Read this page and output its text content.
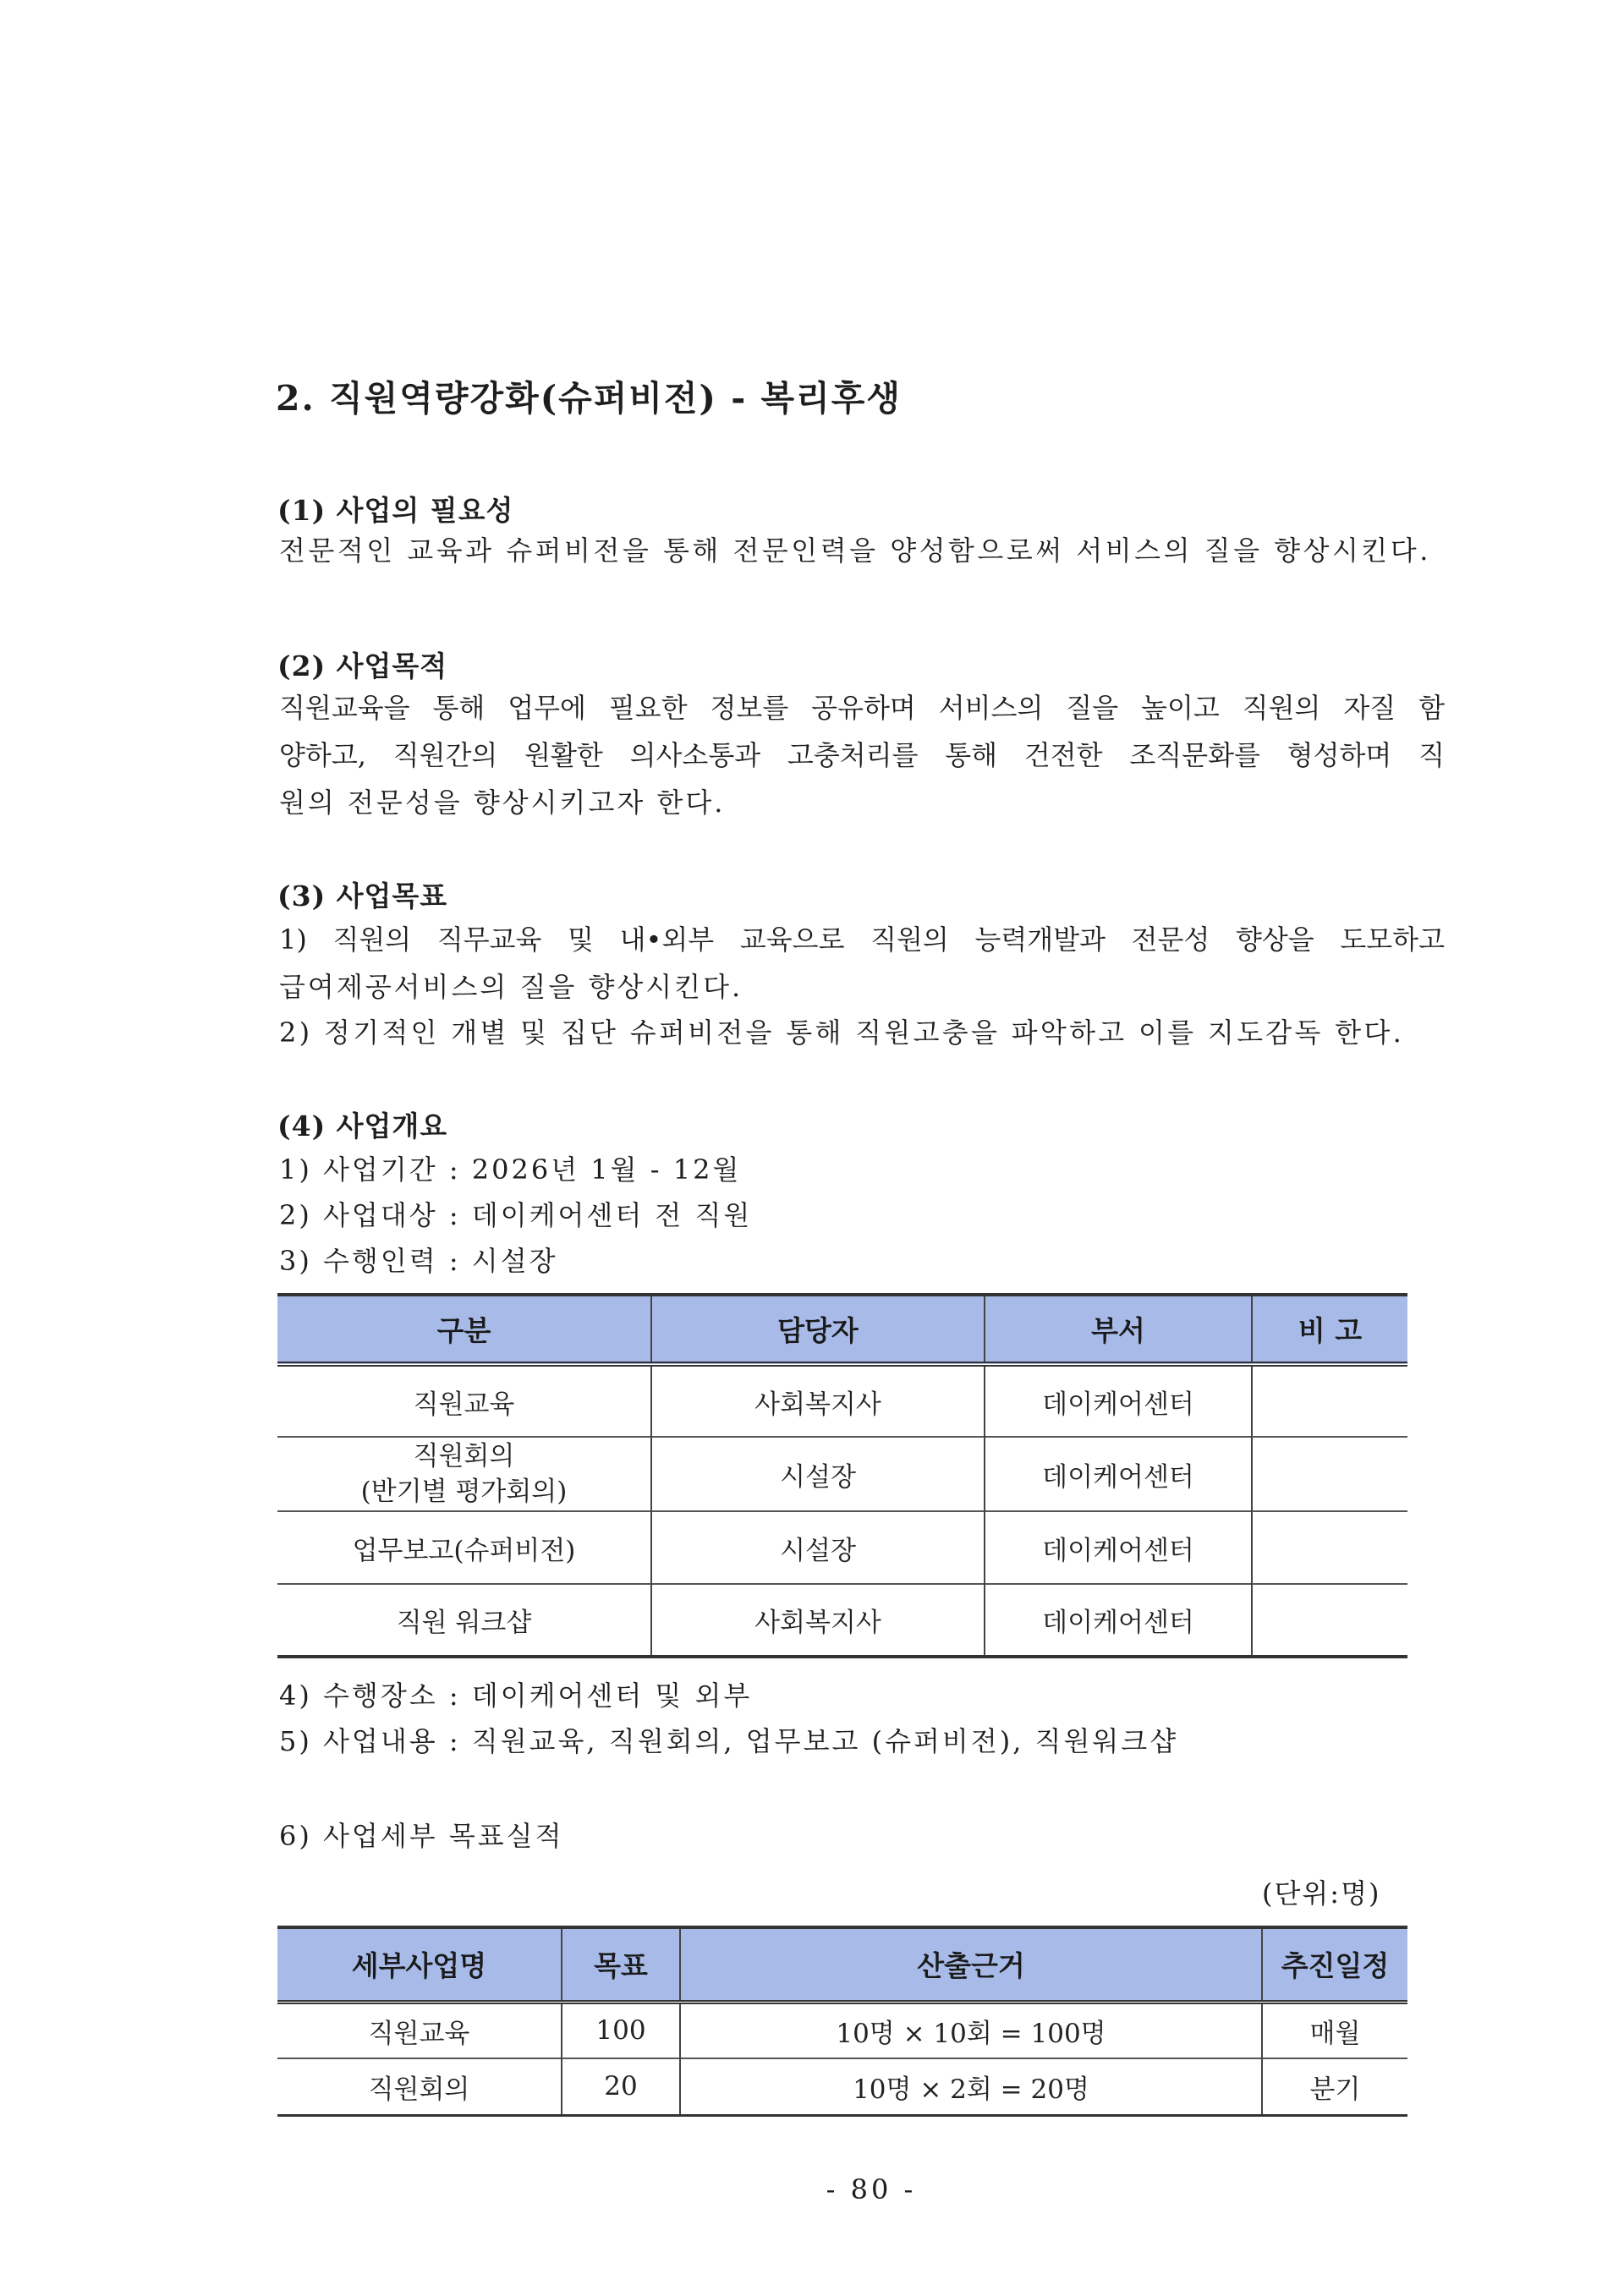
2. 직원역량강화(슈퍼비전) - 복리후생
(1) 사업의 필요성
전문적인 교육과 슈퍼비전을 통해 전문인력을 양성함으로써 서비스의 질을 향상시킨다.
(2) 사업목적
직원교육을 통해 업무에 필요한 정보를 공유하며 서비스의 질을 높이고 직원의 자질 함
양하고, 직원간의 원활한 의사소통과 고충처리를 통해 건전한 조직문화를 형성하며 직
원의 전문성을 향상시키고자 한다.
(3) 사업목표
1) 직원의 직무교육 및 내•외부 교육으로 직원의 능력개발과 전문성 향상을 도모하고
급여제공서비스의 질을 향상시킨다.
2) 정기적인 개별 및 집단 슈퍼비전을 통해 직원고충을 파악하고 이를 지도감독 한다.
(4) 사업개요
1) 사업기간 : 2026년 1월 - 12월
2) 사업대상 : 데이케어센터 전 직원
3) 수행인력 : 시설장
구분	담당자	부서	비 고
직원교육	사회복지사	데이케어센터	
직원회의
(반기별 평가회의)	시설장	데이케어센터	
업무보고(슈퍼비전)	시설장	데이케어센터	
직원 워크샵	사회복지사	데이케어센터	
4) 수행장소 : 데이케어센터 및 외부
5) 사업내용 : 직원교육, 직원회의, 업무보고 (슈퍼비전), 직원워크샵
6) 사업세부 목표실적
(단위:명)
세부사업명	목표	산출근거	추진일정
직원교육	100	10명 × 10회 = 100명	매월
직원회의	20	10명 × 2회 = 20명	분기
- 80 -
